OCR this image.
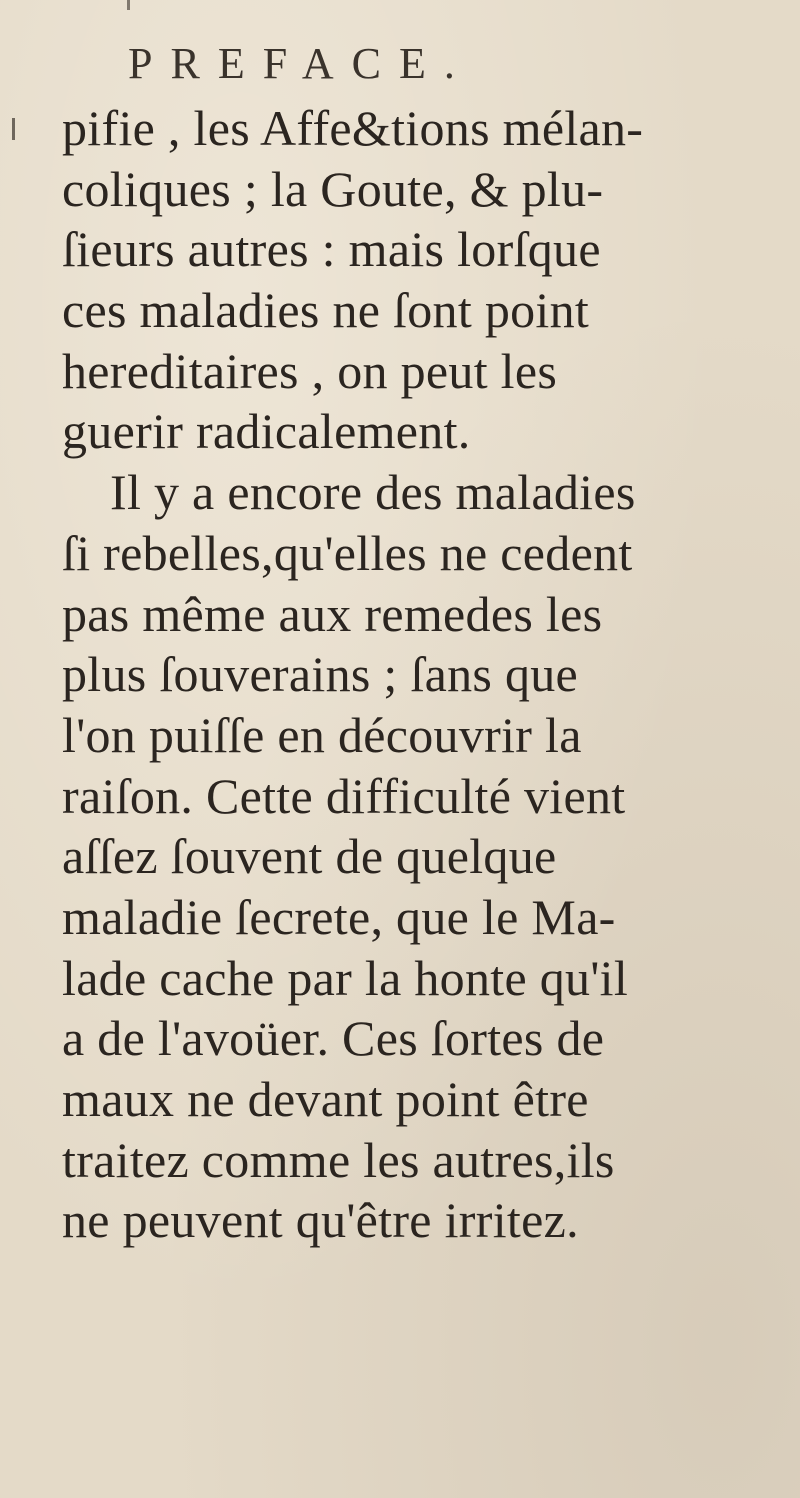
PREFACE.
pifie , les Affe&tions mélan-
coliques ; la Goute, & plu-
ſieurs autres : mais lorſque
ces maladies ne ſont point
hereditaires , on peut les
guerir radicalement.
Il y a encore des maladies
ſi rebelles,qu'elles ne cedent
pas même aux remedes les
plus ſouverains ; ſans que
l'on puiſſe en découvrir la
raiſon. Cette difficulté vient
aſſez ſouvent de quelque
maladie ſecrete, que le Ma-
lade cache par la honte qu'il
a de l'avoüer. Ces ſortes de
maux ne devant point être
traitez comme les autres,ils
ne peuvent qu'être irritez.
